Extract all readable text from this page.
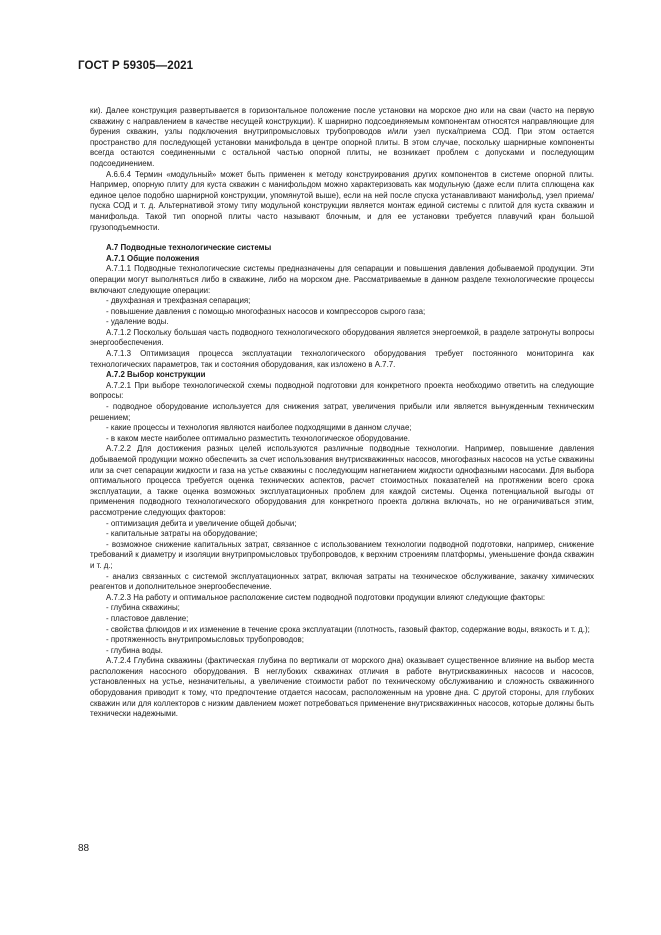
ГОСТ Р 59305—2021

ки). Далее конструкция развертывается в горизонтальное положение после установки на морское дно или на сваи (часто на первую скважину с направлением в качестве несущей конструкции). К шарнирно подсоединяемым компонентам относятся направляющие для бурения скважин, узлы подключения внутрипромысловых трубопроводов и/или узел пуска/приема СОД. При этом остается пространство для последующей установки манифольда в центре опорной плиты. В этом случае, поскольку шарнирные компоненты всегда остаются соединенными с остальной частью опорной плиты, не возникает проблем с допусками и последующим подсоединением.

А.6.6.4 Термин «модульный» может быть применен к методу конструирования других компонентов в системе опорной плиты. Например, опорную плиту для куста скважин с манифольдом можно характеризовать как модульную (даже если плита сплющена как единое целое подобно шарнирной конструкции, упомянутой выше), если на ней после спуска устанавливают манифольд, узел приема/пуска СОД и т. д. Альтернативой этому типу модульной конструкции является монтаж единой системы с плитой для куста скважин и манифольда. Такой тип опорной плиты часто называют блочным, и для ее установки требуется плавучий кран большой грузоподъемности.

А.7 Подводные технологические системы

А.7.1 Общие положения

А.7.1.1 Подводные технологические системы предназначены для сепарации и повышения давления добываемой продукции. Эти операции могут выполняться либо в скважине, либо на морском дне. Рассматриваемые в данном разделе технологические процессы включают следующие операции:

- двухфазная и трехфазная сепарация;

- повышение давления с помощью многофазных насосов и компрессоров сырого газа;

- удаление воды.

А.7.1.2 Поскольку большая часть подводного технологического оборудования является энергоемкой, в разделе затронуты вопросы энергообеспечения.

А.7.1.3 Оптимизация процесса эксплуатации технологического оборудования требует постоянного мониторинга как технологических параметров, так и состояния оборудования, как изложено в А.7.7.

А.7.2 Выбор конструкции

А.7.2.1 При выборе технологической схемы подводной подготовки для конкретного проекта необходимо ответить на следующие вопросы:

- подводное оборудование используется для снижения затрат, увеличения прибыли или является вынужденным техническим решением;

- какие процессы и технология являются наиболее подходящими в данном случае;

- в каком месте наиболее оптимально разместить технологическое оборудование.

А.7.2.2 Для достижения разных целей используются различные подводные технологии. Например, повышение давления добываемой продукции можно обеспечить за счет использования внутрискважинных насосов, многофазных насосов на устье скважины или за счет сепарации жидкости и газа на устье скважины с последующим нагнетанием жидкости однофазными насосами. Для выбора оптимального процесса требуется оценка технических аспектов, расчет стоимостных показателей на протяжении всего срока эксплуатации, а также оценка возможных эксплуатационных проблем для каждой системы. Оценка потенциальной выгоды от применения подводного технологического оборудования для конкретного проекта должна включать, но не ограничиваться этим, рассмотрение следующих факторов:

- оптимизация дебита и увеличение общей добычи;

- капитальные затраты на оборудование;

- возможное снижение капитальных затрат, связанное с использованием технологии подводной подготовки, например, снижение требований к диаметру и изоляции внутрипромысловых трубопроводов, к верхним строениям платформы, уменьшение фонда скважин и т. д.;

- анализ связанных с системой эксплуатационных затрат, включая затраты на техническое обслуживание, закачку химических реагентов и дополнительное энергообеспечение.

А.7.2.3 На работу и оптимальное расположение систем подводной подготовки продукции влияют следующие факторы:

- глубина скважины;

- пластовое давление;

- свойства флюидов и их изменение в течение срока эксплуатации (плотность, газовый фактор, содержание воды, вязкость и т. д.);

- протяженность внутрипромысловых трубопроводов;

- глубина воды.

А.7.2.4 Глубина скважины (фактическая глубина по вертикали от морского дна) оказывает существенное влияние на выбор места расположения насосного оборудования. В неглубоких скважинах отличия в работе внутрискважинных насосов и насосов, установленных на устье, незначительны, а увеличение стоимости работ по техническому обслуживанию и сложность скважинного оборудования приводит к тому, что предпочтение отдается насосам, расположенным на уровне дна. С другой стороны, для глубоких скважин или для коллекторов с низким давлением может потребоваться применение внутрискважинных насосов, которые должны быть технически надежными.

88
